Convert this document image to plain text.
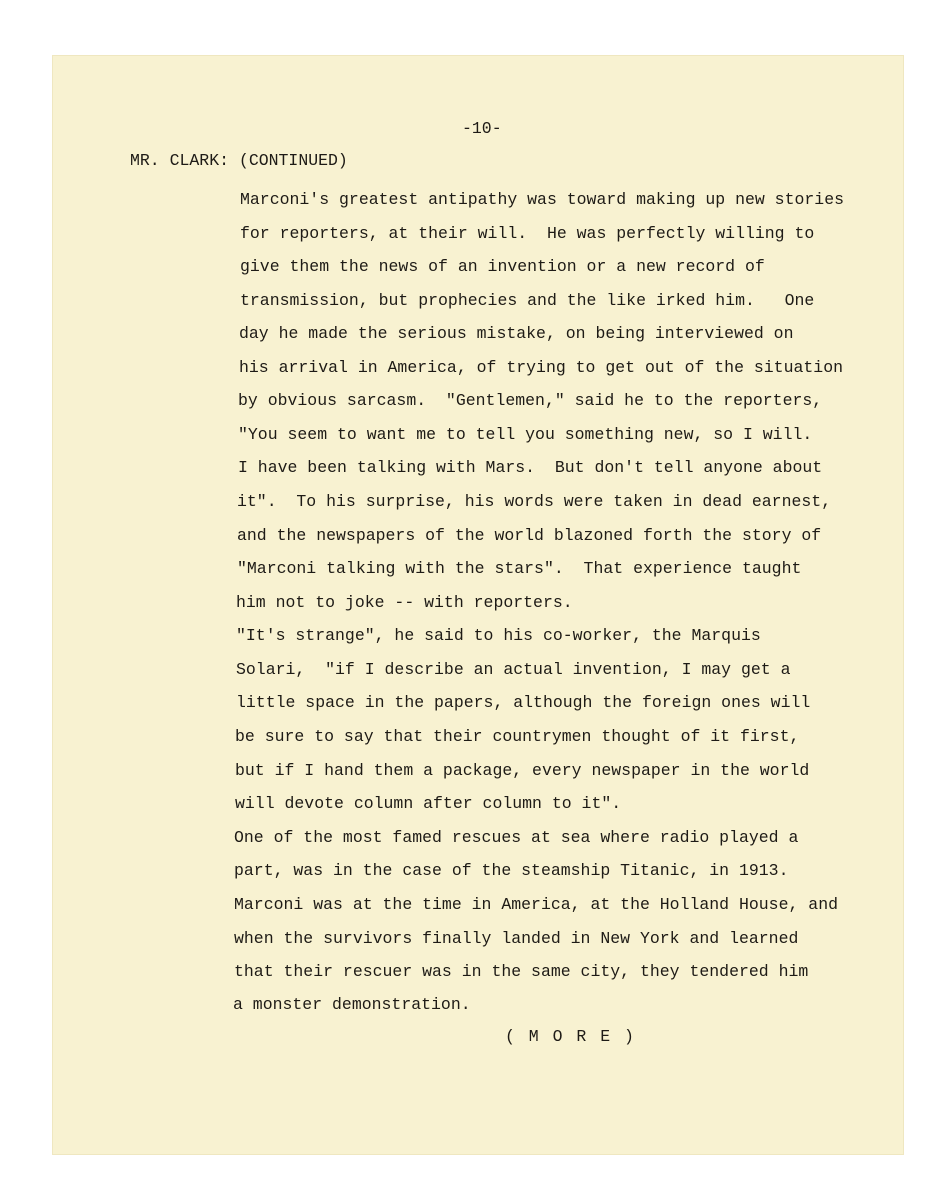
-10-
MR. CLARK: (CONTINUED)
Marconi's greatest antipathy was toward making up new stories
for reporters, at their will.  He was perfectly willing to
give them the news of an invention or a new record of
transmission, but prophecies and the like irked him.   One
day he made the serious mistake, on being interviewed on
his arrival in America, of trying to get out of the situation
by obvious sarcasm.  "Gentlemen," said he to the reporters,
"You seem to want me to tell you something new, so I will.
I have been talking with Mars.  But don't tell anyone about
it".  To his surprise, his words were taken in dead earnest,
and the newspapers of the world blazoned forth the story of
"Marconi talking with the stars".  That experience taught
him not to joke -- with reporters.
"It's strange", he said to his co-worker, the Marquis
Solari,  "if I describe an actual invention, I may get a
little space in the papers, although the foreign ones will
be sure to say that their countrymen thought of it first,
but if I hand them a package, every newspaper in the world
will devote column after column to it".
One of the most famed rescues at sea where radio played a
part, was in the case of the steamship Titanic, in 1913.
Marconi was at the time in America, at the Holland House, and
when the survivors finally landed in New York and learned
that their rescuer was in the same city, they tendered him
a monster demonstration.
( M O R E )
